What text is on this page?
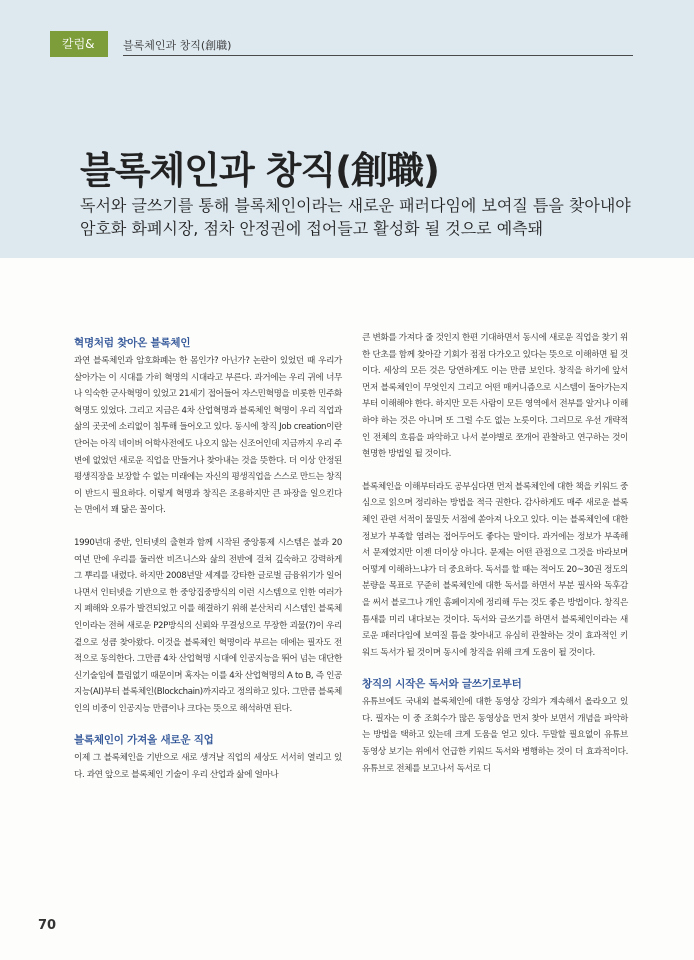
칼럼&	블록체인과 창직(創職)
블록체인과 창직(創職)
독서와 글쓰기를 통해 블록체인이라는 새로운 패러다임에 보여질 틈을 찾아내야
암호화 화폐시장, 점차 안정권에 접어들고 활성화 될 것으로 예측돼
혁명처럼 찾아온 블록체인

과연 블록체인과 암호화폐는 한 몸인가? 아닌가? 논란이 있었던 때 우리가 살아가는 이 시대를 가히 혁명의 시대라고 부른다. 과거에는 우리 귀에 너무나 익숙한 군사혁명이 있었고 21세기 접어들어 자스민혁명을 비롯한 민주화 혁명도 있었다. 그리고 지금은 4차 산업혁명과 블록체인 혁명이 우리 직업과 삶의 곳곳에 소리없이 침투해 들어오고 있다. 동시에 창직 Job creation이란 단어는 아직 네이버 어학사전에도 나오지 않는 신조어인데 지금까지 우리 주변에 없었던 새로운 직업을 만들거나 찾아내는 것을 뜻한다. 더 이상 안정된 평생직장을 보장할 수 없는 미래에는 자신의 평생직업을 스스로 만드는 창직이 반드시 필요하다. 이렇게 혁명과 창직은 조용하지만 큰 파장을 일으킨다는 면에서 꽤 닮은 꼴이다.

1990년대 중반, 인터넷의 출현과 함께 시작된 중앙통제 시스템은 불과 20여년 만에 우리를 둘러싼 비즈니스와 삶의 전반에 걸쳐 깊숙하고 강력하게 그 뿌리를 내렸다. 하지만 2008년말 세계를 강타한 글로벌 금융위기가 일어나면서 인터넷을 기반으로 한 중앙집중방식의 이런 시스템으로 인한 여러가지 폐해와 오류가 발견되었고 이를 해결하기 위해 분산처리 시스템인 블록체인이라는 전혀 새로운 P2P방식의 신뢰와 무결성으로 무장한 괴물(?)이 우리 곁으로 성큼 찾아왔다. 이것을 블록체인 혁명이라 부르는 데에는 필자도 전적으로 동의한다. 그만큼 4차 산업혁명 시대에 인공지능을 뛰어 넘는 대단한 신기술임에 틀림없기 때문이며 혹자는 이를 4차 산업혁명의 A to B, 즉 인공지능(AI)부터 블록체인(Blockchain)까지라고 정의하고 있다. 그만큼 블록체인의 비중이 인공지능 만큼이나 크다는 뜻으로 해석하면 된다.

블록체인이 가져올 새로운 직업

이제 그 블록체인을 기반으로 새로 생겨날 직업의 세상도 서서히 열리고 있다. 과연 앞으로 블록체인 기술이 우리 산업과 삶에 얼마나

큰 변화를 가져다 줄 것인지 한편 기대하면서 동시에 새로운 직업을 찾기 위한 단초를 함께 찾아갈 기회가 점점 다가오고 있다는 뜻으로 이해하면 될 것이다. 세상의 모든 것은 당연하게도 이는 만큼 보인다. 창직을 하기에 앞서 먼저 블록체인이 무엇인지 그리고 어떤 매커니즘으로 시스템이 돌아가는지부터 이해해야 한다. 하지만 모든 사람이 모든 영역에서 전부를 알거나 이해하야 하는 것은 아니며 또 그럴 수도 없는 노릇이다. 그러므로 우선 개략적인 전체의 흐름을 파악하고 나서 분야별로 쪼개어 관찰하고 연구하는 것이 현명한 방법일 될 것이다.

블록체인을 이해부터라도 공부심다면 먼저 블록체인에 대한 책을 키워드 중심으로 읽으며 정리하는 방법을 적극 권한다. 감사하게도 매주 새로운 블록체인 관련 서적이 물밀듯 서점에 쏟아져 나오고 있다. 이는 블록체인에 대한 정보가 부족할 염려는 접어두어도 좋다는 말이다. 과거에는 정보가 부족해서 문제였지만 이젠 더이상 아니다. 문제는 어떤 관점으로 그것을 바라보며 어떻게 이해하느냐가 더 중요하다. 독서를 할 때는 적어도 20~30권 정도의 분량을 목표로 꾸준히 블록체인에 대한 독서를 하면서 부분 필사와 독후감을 써서 블로그나 개인 홈페이지에 정리해 두는 것도 좋은 방법이다. 창직은 틈새를 미리 내다보는 것이다. 독서와 글쓰기를 하면서 블록체인이라는 새로운 패러다임에 보여질 틈을 찾아내고 유심히 관찰하는 것이 효과적인 키워드 독서가 될 것이며 동시에 창직을 위해 크게 도움이 될 것이다.

창직의 시작은 독서와 글쓰기로부터

유튜브에도 국내외 블록체인에 대한 동영상 강의가 계속해서 올라오고 있다. 필자는 이 중 조회수가 많은 동영상을 먼저 찾아 보면서 개념을 파악하는 방법을 택하고 있는데 크게 도움을 얻고 있다. 두말할 필요없이 유튜브 동영상 보기는 위에서 언급한 키워드 독서와 병행하는 것이 더 효과적이다. 유튜브로 전체를 보고나서 독서로 디

70
